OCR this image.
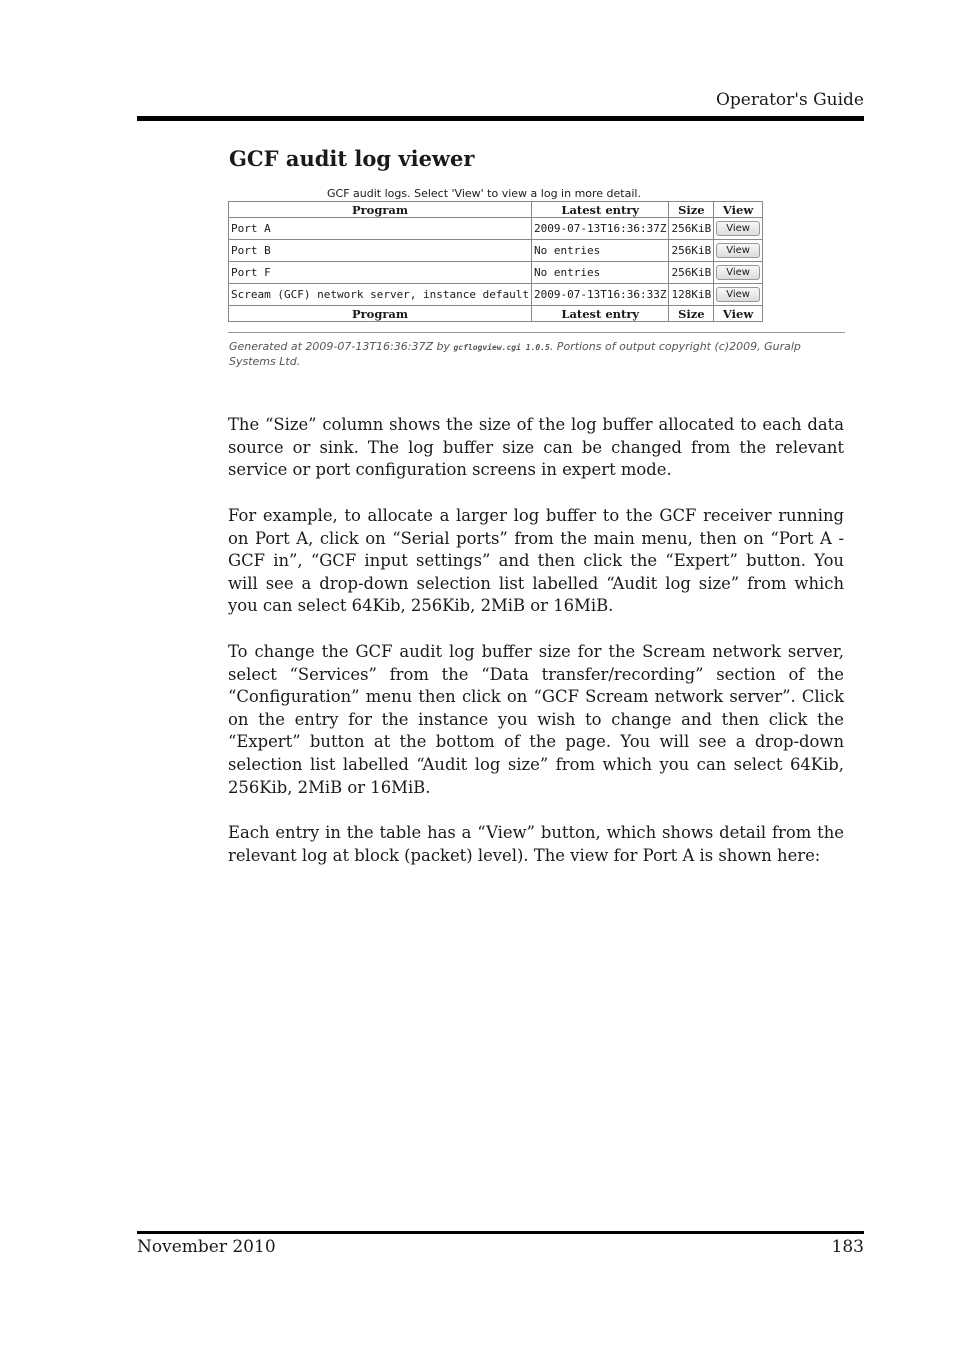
Operator's Guide
GCF audit log viewer
GCF audit logs. Select 'View' to view a log in more detail.
Program	Latest entry	Size	View
Port A	2009-07-13T16:36:37Z	256KiB	View
Port B	No entries	256KiB	View
Port F	No entries	256KiB	View
Scream (GCF) network server, instance default	2009-07-13T16:36:33Z	128KiB	View
Program	Latest entry	Size	View
Generated at 2009-07-13T16:36:37Z by gcflogview.cgi 1.0.5. Portions of output copyright (c)2009, Guralp Systems Ltd.

The “Size” column shows the size of the log buffer allocated to each data source or sink. The log buffer size can be changed from the relevant service or port configuration screens in expert mode.

For example, to allocate a larger log buffer to the GCF receiver running on Port A, click on “Serial ports” from the main menu, then on “Port A - GCF in”, “GCF input settings” and then click the “Expert” button. You will see a drop-down selection list labelled “Audit log size” from which you can select 64Kib, 256Kib, 2MiB or 16MiB.

To change the GCF audit log buffer size for the Scream network server, select “Services” from the “Data transfer/recording” section of the “Configuration” menu then click on “GCF Scream network server”. Click on the entry for the instance you wish to change and then click the “Expert” button at the bottom of the page. You will see a drop-down selection list labelled “Audit log size” from which you can select 64Kib, 256Kib, 2MiB or 16MiB.

Each entry in the table has a “View” button, which shows detail from the relevant log at block (packet) level). The view for Port A is shown here:

November 2010	183
